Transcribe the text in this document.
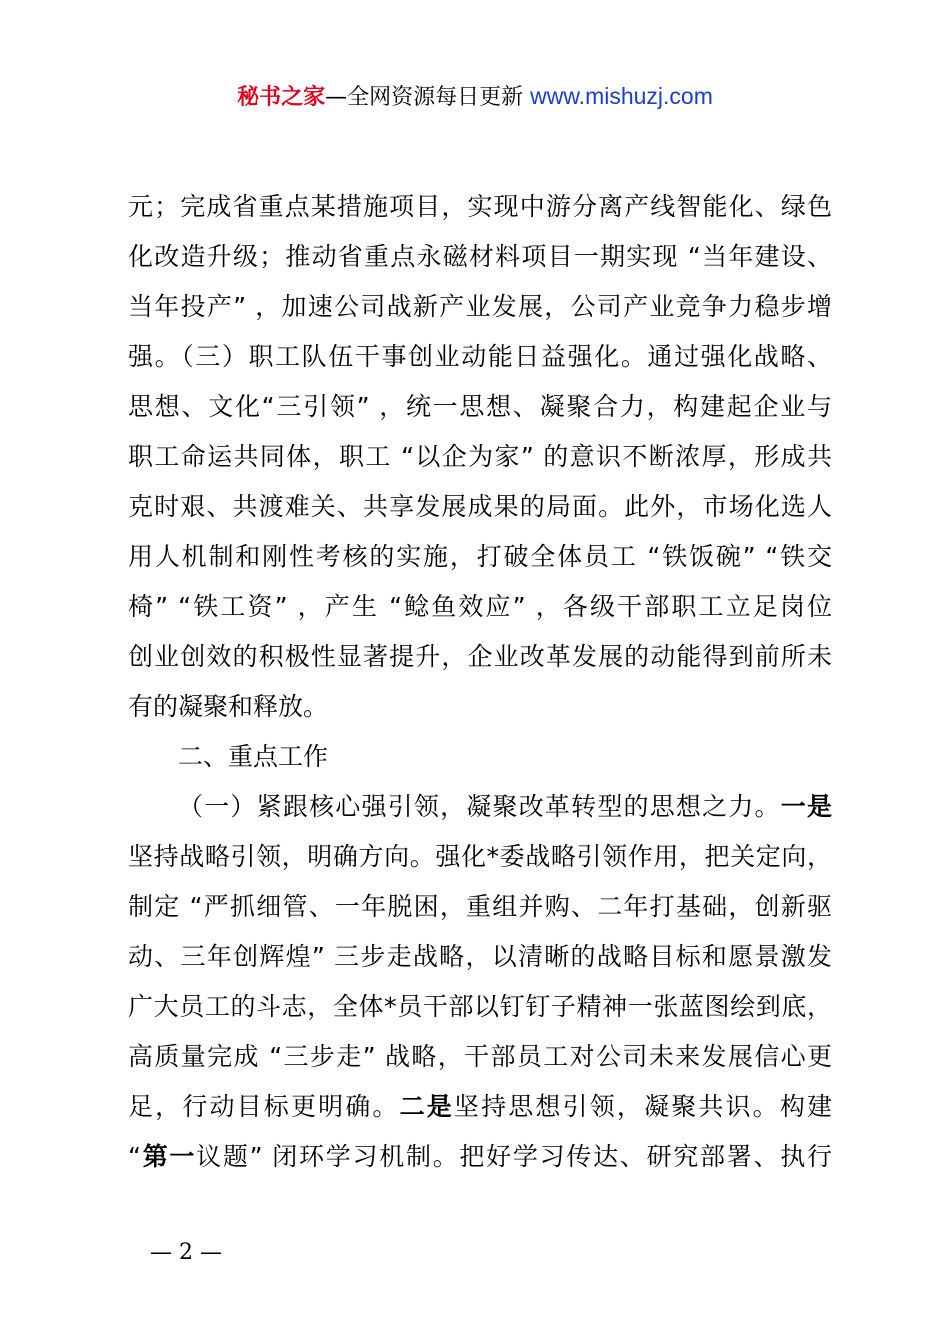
秘书之家—全网资源每日更新 www.mishuzj.com
元；完成省重点某措施项目，实现中游分离产线智能化、绿色
化改造升级；推动省重点永磁材料项目一期实现 “当年建设、
当年投产” ，加速公司战新产业发展，公司产业竞争力稳步增
强。（三）职工队伍干事创业动能日益强化。通过强化战略、
思想、文化“三引领” ，统一思想、凝聚合力，构建起企业与
职工命运共同体，职工 “以企为家” 的意识不断浓厚，形成共
克时艰、共渡难关、共享发展成果的局面。此外，市场化选人
用人机制和刚性考核的实施，打破全体员工 “铁饭碗” “铁交
椅” “铁工资” ，产生 “鲶鱼效应” ，各级干部职工立足岗位
创业创效的积极性显著提升，企业改革发展的动能得到前所未
有的凝聚和释放。
二、重点工作
（一）紧跟核心强引领，凝聚改革转型的思想之力。一是
坚持战略引领，明确方向。强化*委战略引领作用，把关定向，
制定 “严抓细管、一年脱困，重组并购、二年打基础，创新驱
动、三年创辉煌” 三步走战略，以清晰的战略目标和愿景激发
广大员工的斗志，全体*员干部以钉钉子精神一张蓝图绘到底，
高质量完成 “三步走” 战略，干部员工对公司未来发展信心更
足，行动目标更明确。二是坚持思想引领，凝聚共识。构建
“第一议题” 闭环学习机制。把好学习传达、研究部署、执行
— 2 —
